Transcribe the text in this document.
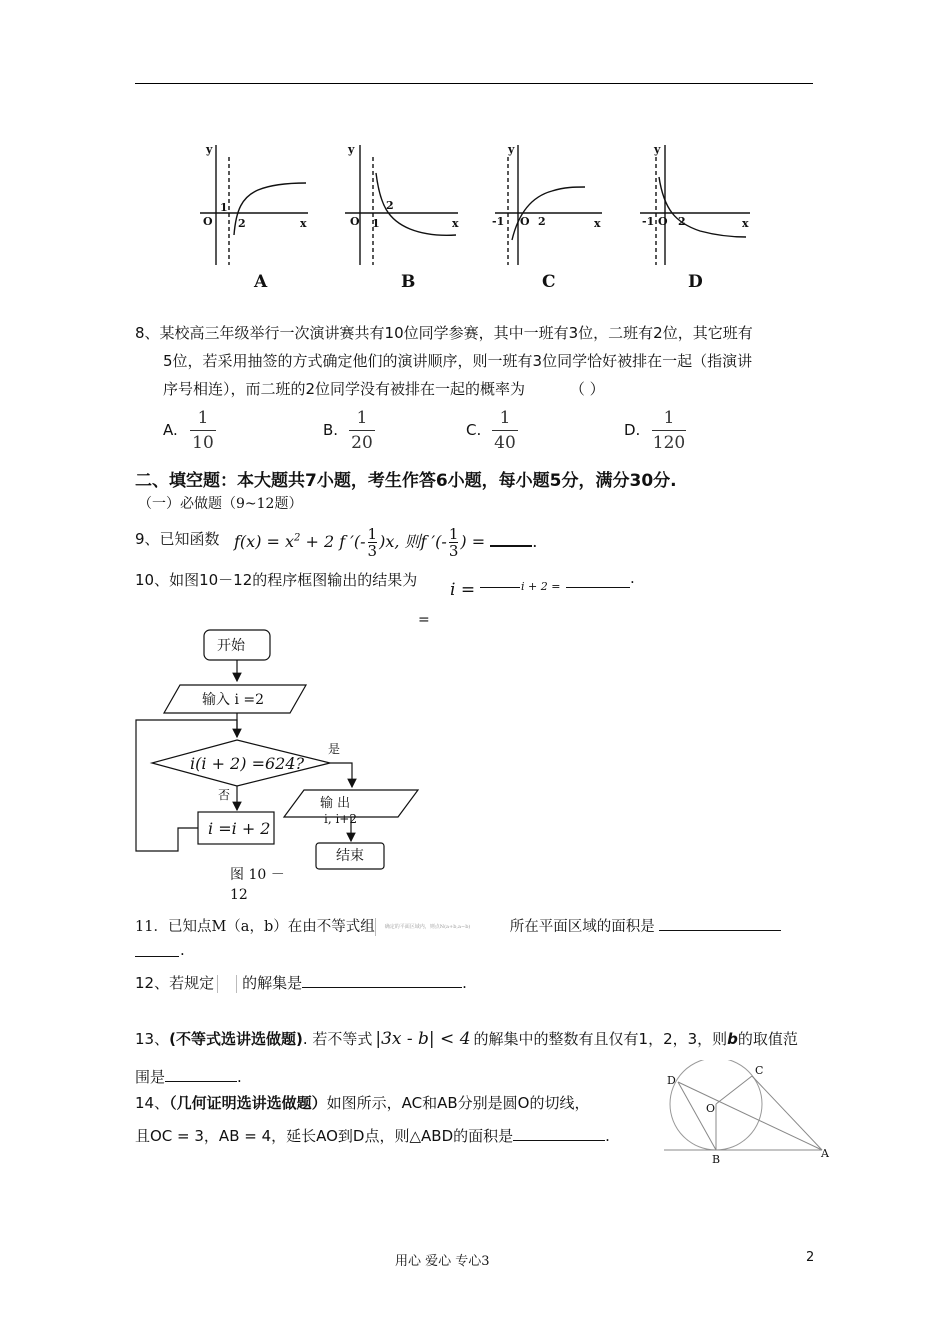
y
O
1
2	x
y
O 1
2
x
y
-1 O 2	x
y
-1 O 2	x
A	B	C	D
8、某校高三年级举行一次演讲赛共有10位同学参赛，其中一班有3位，二班有2位，其它班有
5位，若采用抽签的方式确定他们的演讲顺序，则一班有3位同学恰好被排在一起（指演讲
序号相连），而二班的2位同学没有被排在一起的概率为	（ ）
A.
1
10
B.
1
20
C.
1
40
D.
1
120
二、填空题：本大题共7小题，考生作答6小题，每小题5分，满分30分.
（一）必做题（9~12题）
9、已知函数 $f(x) = x^2 + 2$ f ′(- $\frac{1}{3} )x$, 则f ′(- $\frac{1}{3}$ ) =	.
10、如图10－12的程序框图输出的结果为 i =	i + 2 =	.
=
开始
输入 i =2
i(i + 2) =624?
是
否
输 出
i, i+2
i =i + 2
结束
图 10 －
12
11．已知点M（a，b）在由不等式组 确定的平面区域内，则点N(a+b,a−b)	所在平面区域的面积是
.
12、若规定 的解集是	.
13、(不等式选讲选做题). 若不等式 |3x - b| < 4 的解集中的整数有且仅有1，2，3，则b的取值范
围是	.
14、（几何证明选讲选做题）如图所示，AC和AB分别是圆O的切线，
且OC = 3，AB = 4，延长AO到D点，则△ABD的面积是	.
D
C
O
B	A
用心 爱心 专心3	2
